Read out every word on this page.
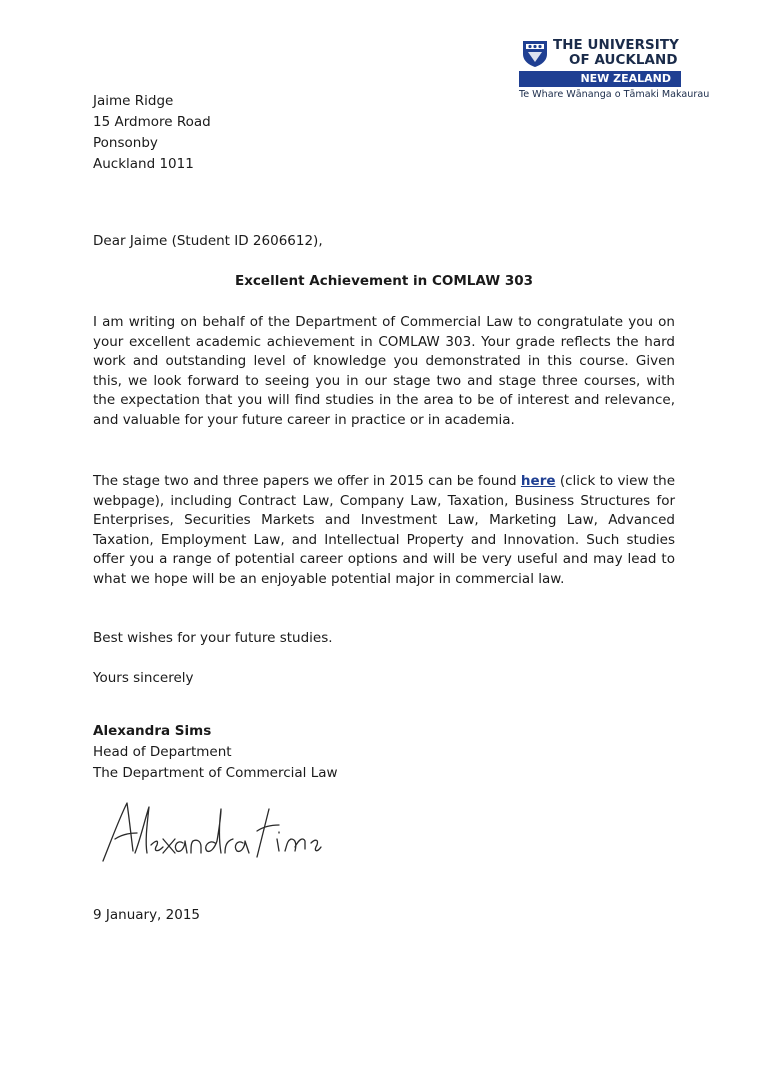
THE UNIVERSITY
OF AUCKLAND
NEW ZEALAND
Te Whare Wānanga o Tāmaki Makaurau
Jaime Ridge
15 Ardmore Road
Ponsonby
Auckland 1011

Dear Jaime (Student ID 2606612),

Excellent Achievement in COMLAW 303

I am writing on behalf of the Department of Commercial Law to congratulate you on your excellent academic achievement in COMLAW 303. Your grade reflects the hard work and outstanding level of knowledge you demonstrated in this course. Given this, we look forward to seeing you in our stage two and stage three courses, with the expectation that you will find studies in the area to be of interest and relevance, and valuable for your future career in practice or in academia.

The stage two and three papers we offer in 2015 can be found here (click to view the webpage), including Contract Law, Company Law, Taxation, Business Structures for Enterprises, Securities Markets and Investment Law, Marketing Law, Advanced Taxation, Employment Law, and Intellectual Property and Innovation. Such studies offer you a range of potential career options and will be very useful and may lead to what we hope will be an enjoyable potential major in commercial law.

Best wishes for your future studies.

Yours sincerely

Alexandra Sims
Head of Department
The Department of Commercial Law

9 January, 2015
